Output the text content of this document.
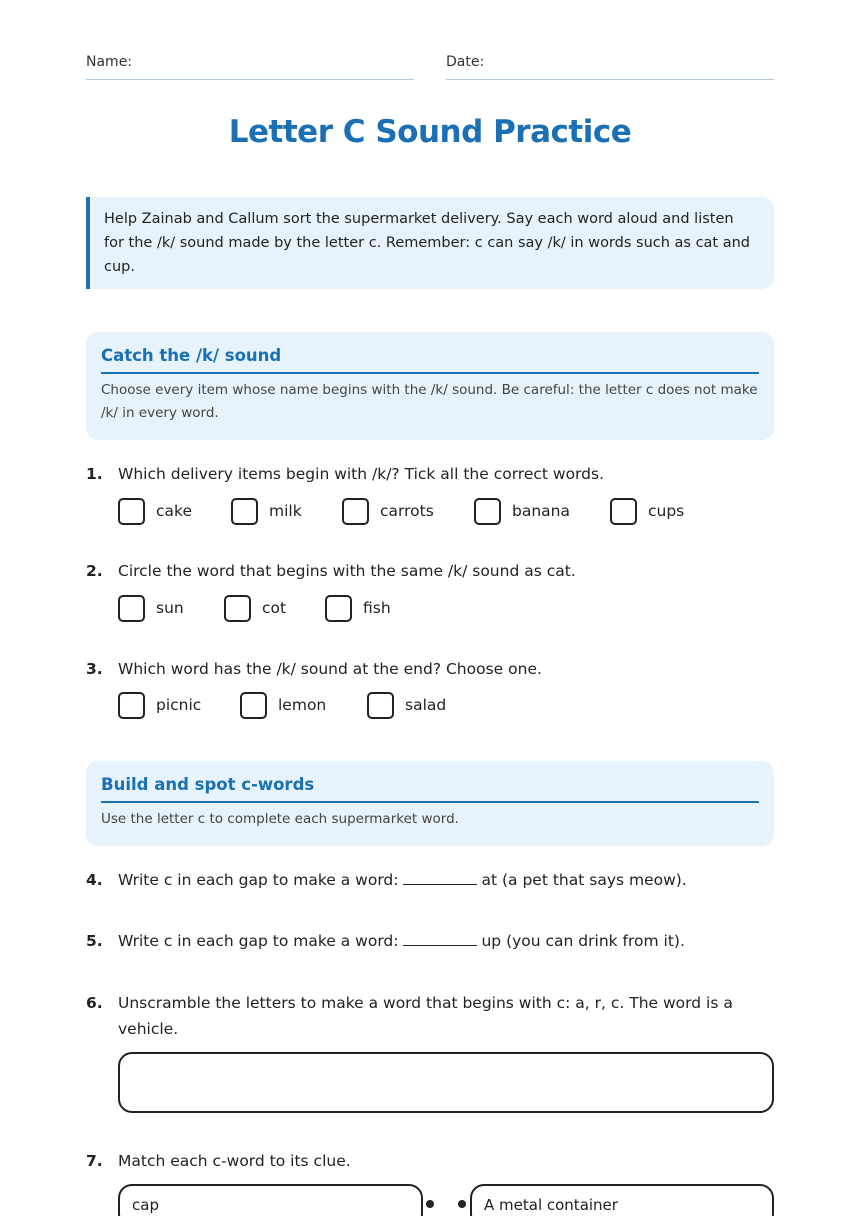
Name:	Date:
Letter C Sound Practice
Help Zainab and Callum sort the supermarket delivery. Say each word aloud and listen for the /k/ sound made by the letter c. Remember: c can say /k/ in words such as cat and cup.
Catch the /k/ sound
Choose every item whose name begins with the /k/ sound. Be careful: the letter c does not make /k/ in every word.
1. Which delivery items begin with /k/? Tick all the correct words.
cake	milk	carrots	banana	cups
2. Circle the word that begins with the same /k/ sound as cat.
sun	cot	fish
3. Which word has the /k/ sound at the end? Choose one.
picnic	lemon	salad
Build and spot c-words
Use the letter c to complete each supermarket word.
4. Write c in each gap to make a word:	at (a pet that says meow).
5. Write c in each gap to make a word:	up (you can drink from it).
6. Unscramble the letters to make a word that begins with c: a, r, c. The word is a vehicle.
7. Match each c-word to its clue.
cap	A metal container
